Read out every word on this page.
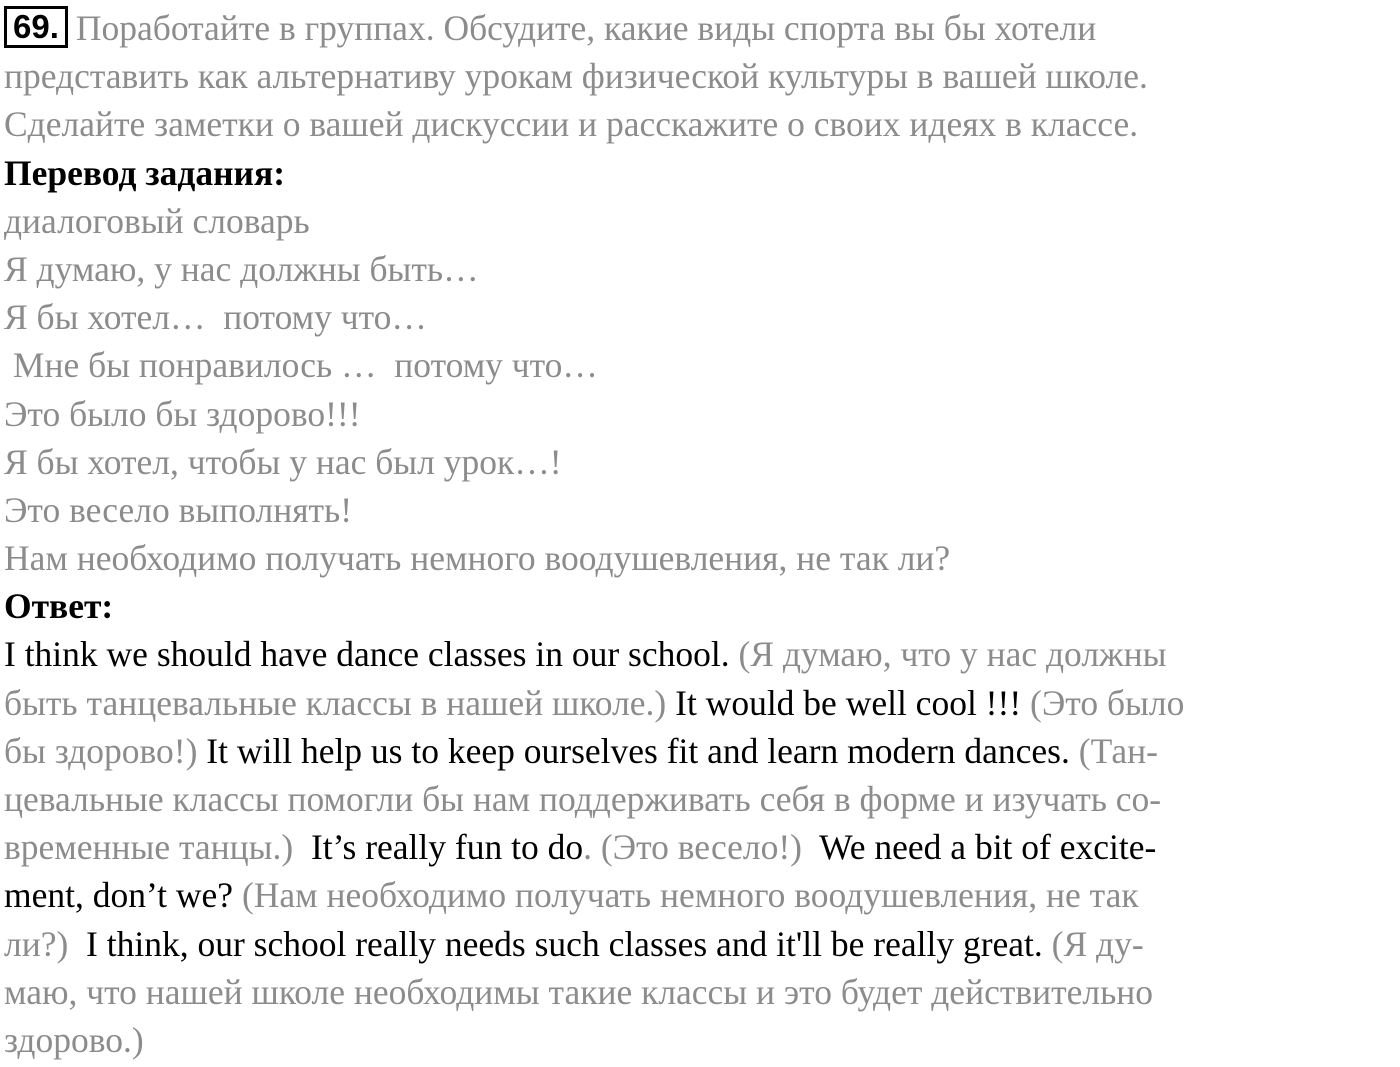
69. Поработайте в группах. Обсудите, какие виды спорта вы бы хотели
представить как альтернативу урокам физической культуры в вашей школе.
Сделайте заметки о вашей дискуссии и расскажите о своих идеях в классе.
Перевод задания:
диалоговый словарь
Я думаю, у нас должны быть…
Я бы хотел…  потому что…
Мне бы понравилось …  потому что…
Это было бы здорово!!!
Я бы хотел, чтобы у нас был урок…!
Это весело выполнять!
Нам необходимо получать немного воодушевления, не так ли?
Ответ:
I think we should have dance classes in our school. (Я думаю, что у нас должны
быть танцевальные классы в нашей школе.) It would be well cool !!! (Это было
бы здорово!) It will help us to keep ourselves fit and learn modern dances. (Тан-
цевальные классы помогли бы нам поддерживать себя в форме и изучать со-
временные танцы.)  It’s really fun to do. (Это весело!)  We need a bit of excite-
ment, don’t we? (Нам необходимо получать немного воодушевления, не так
ли?)  I think, our school really needs such classes and it'll be really great. (Я ду-
маю, что нашей школе необходимы такие классы и это будет действительно
здорово.)
